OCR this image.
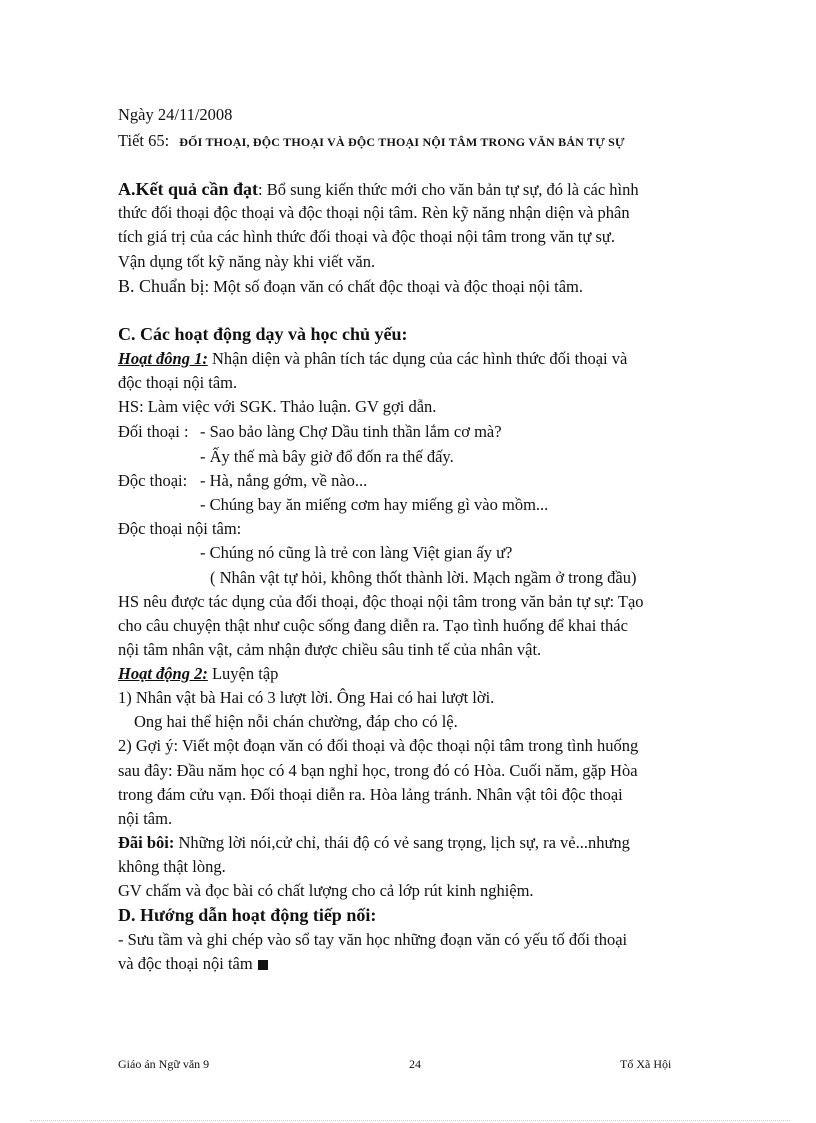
Ngày 24/11/2008
Tiết 65: ĐỐI THOẠI, ĐỘC THOẠI VÀ ĐỘC THOẠI NỘI TÂM TRONG VĂN BẢN TỰ SỰ
A.Kết quả cần đạt: Bổ sung kiến thức mới cho văn bản tự sự, đó là các hình
thức đối thoại độc thoại và độc thoại nội tâm. Rèn kỹ năng nhận diện và phân
tích giá trị của các hình thức đối thoại và độc thoại nội tâm trong văn tự sự.
Vận dụng tốt kỹ năng này khi viết văn.
B. Chuẩn bị: Một số đoạn văn có chất độc thoại và độc thoại nội tâm.
C. Các hoạt động dạy và học chủ yếu:
Hoạt đông 1: Nhận diện và phân tích tác dụng của các hình thức đối thoại và
độc thoại nội tâm.
HS: Làm việc với SGK. Thảo luận. GV gợi dẫn.
Đối thoại : - Sao bảo làng Chợ Dầu tinh thần lắm cơ mà?
- Ấy thế mà bây giờ đổ đốn ra thế đấy.
Độc thoại: - Hà, nắng gớm, về nào...
- Chúng bay ăn miếng cơm hay miếng gì vào mồm...
Độc thoại nội tâm:
- Chúng nó cũng là trẻ con làng Việt gian ấy ư?
( Nhân vật tự hỏi, không thốt thành lời. Mạch ngầm ở trong đầu)
HS nêu được tác dụng của đối thoại, độc thoại nội tâm trong văn bản tự sự: Tạo
cho câu chuyện thật như cuộc sống đang diễn ra. Tạo tình huống để khai thác
nội tâm nhân vật, cảm nhận được chiều sâu tinh tế của nhân vật.
Hoạt động 2: Luyện tập
1) Nhân vật bà Hai có 3 lượt lời. Ông Hai có hai lượt lời.
Ong hai thể hiện nỗi chán chường, đáp cho có lệ.
2) Gợi ý: Viết một đoạn văn có đối thoại và độc thoại nội tâm trong tình huống
sau đây: Đầu năm học có 4 bạn nghỉ học, trong đó có Hòa. Cuối năm, gặp Hòa
trong đám cửu vạn. Đối thoại diễn ra. Hòa lảng tránh. Nhân vật tôi độc thoại
nội tâm.
Đãi bôi: Những lời nói,cử chỉ, thái độ có vẻ sang trọng, lịch sự, ra vẻ...nhưng
không thật lòng.
GV chấm và đọc bài có chất lượng cho cả lớp rút kinh nghiệm.
D. Hướng dẫn hoạt động tiếp nối:
- Sưu tầm và ghi chép vào sổ tay văn học những đoạn văn có yếu tố đối thoại
và độc thoại nội tâm
Giáo án Ngữ văn 9	24	Tổ Xã Hội
